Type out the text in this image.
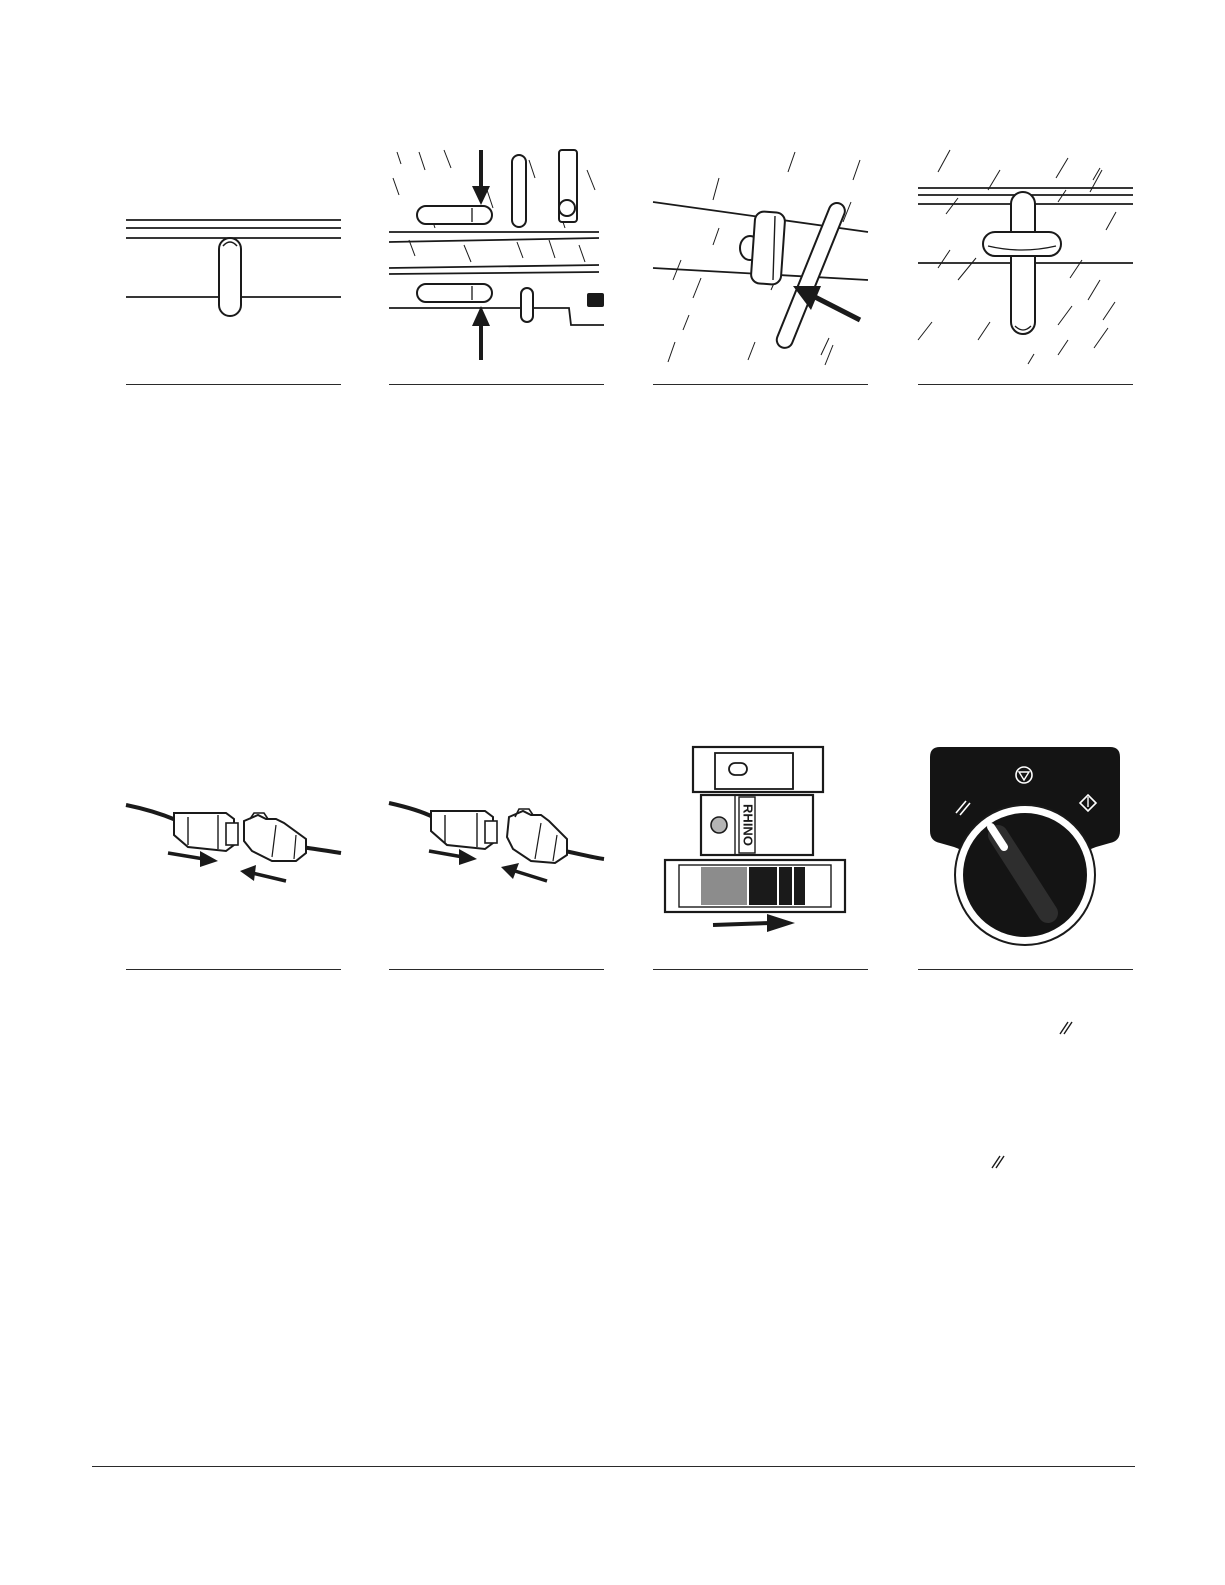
RHINO
